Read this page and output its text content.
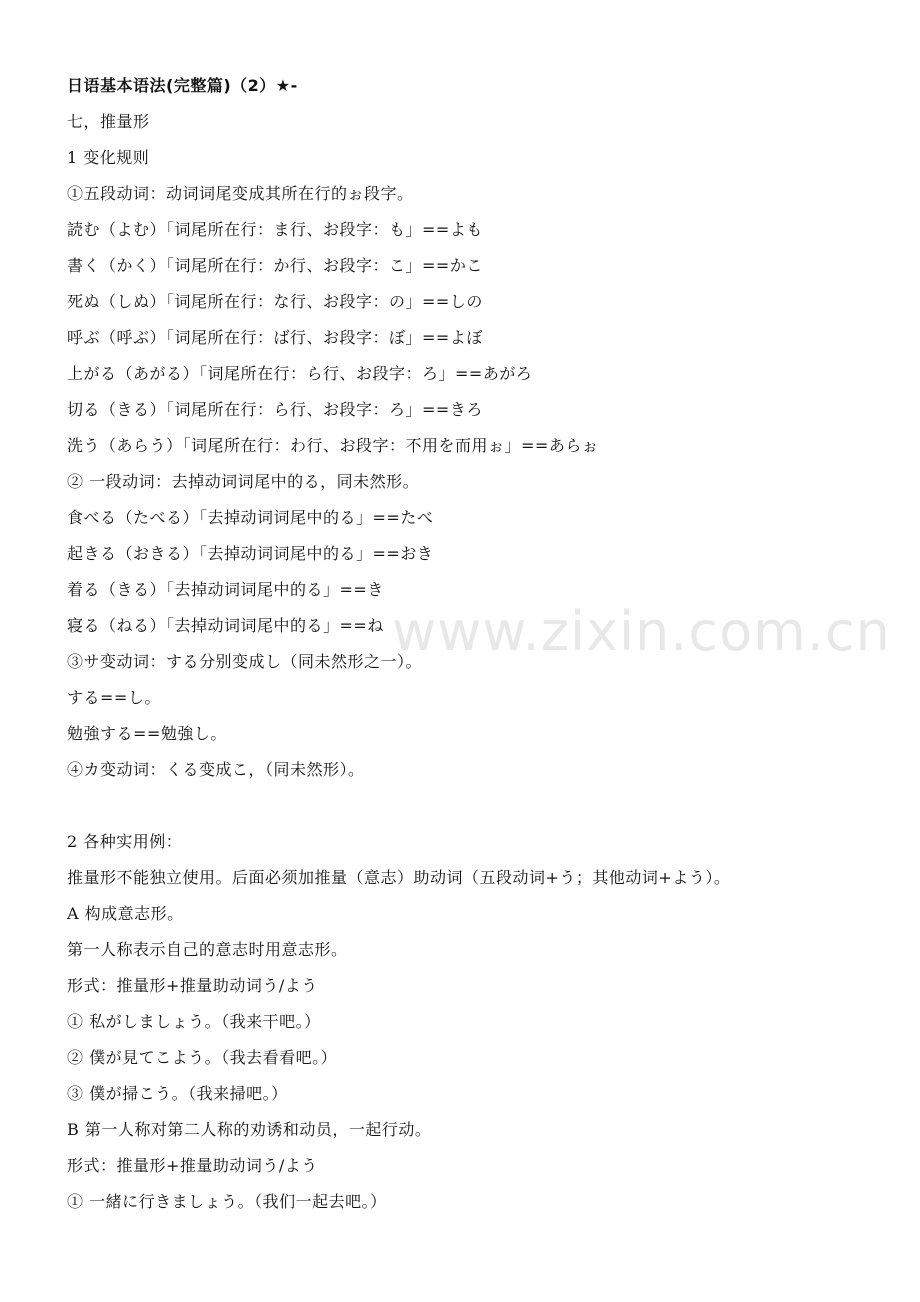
www.zixin.com.cn
日语基本语法(完整篇)（2）★-
七，推量形
1 变化规则
①五段动词：动词词尾变成其所在行的ぉ段字。
読む（よむ）「词尾所在行：ま行、お段字：も」==よも
書く（かく）「词尾所在行：か行、お段字：こ」==かこ
死ぬ（しぬ）「词尾所在行：な行、お段字：の」==しの
呼ぶ（呼ぶ）「词尾所在行：ば行、お段字：ぼ」==よぼ
上がる（あがる）「词尾所在行：ら行、お段字：ろ」==あがろ
切る（きる）「词尾所在行：ら行、お段字：ろ」==きろ
洗う（あらう）「词尾所在行：わ行、お段字：不用を而用ぉ」==あらぉ
② 一段动词：去掉动词词尾中的る，同未然形。
食べる（たべる）「去掉动词词尾中的る」==たべ
起きる（おきる）「去掉动词词尾中的る」==おき
着る（きる）「去掉动词词尾中的る」==き
寝る（ねる）「去掉动词词尾中的る」==ね
③サ变动词：する分别变成し（同未然形之一）。
する==し。
勉強する==勉強し。
④カ变动词：くる变成こ，（同未然形）。
2 各种实用例：
推量形不能独立使用。后面必须加推量（意志）助动词（五段动词+う；其他动词+よう）。
A 构成意志形。
第一人称表示自己的意志时用意志形。
形式：推量形+推量助动词う/よう
① 私がしましょう。（我来干吧。）
② 僕が見てこよう。（我去看看吧。）
③ 僕が掃こう。（我来掃吧。）
B 第一人称对第二人称的劝诱和动员，一起行动。
形式：推量形+推量助动词う/よう
① 一緒に行きましょう。（我们一起去吧。）
